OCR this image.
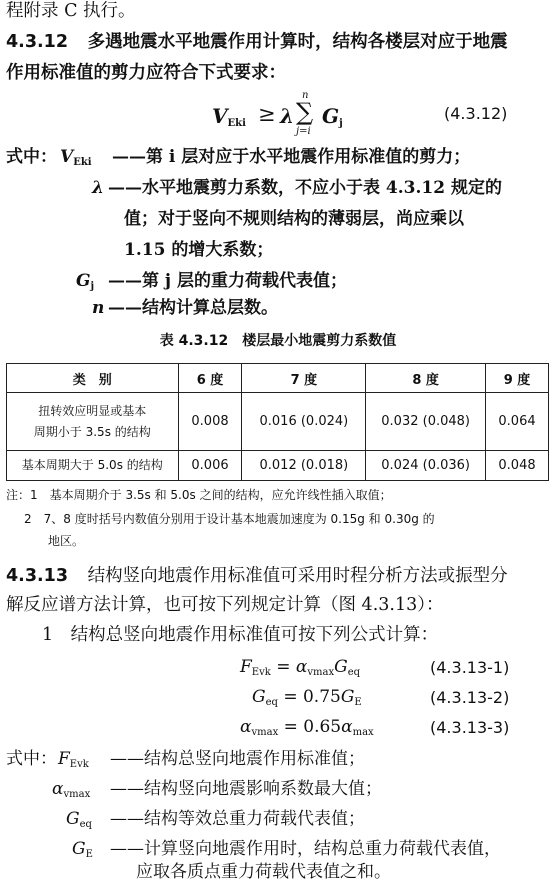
程附录 C 执行。
4.3.12 多遇地震水平地震作用计算时，结构各楼层对应于地震
作用标准值的剪力应符合下式要求：
$V_{Eki} \ge \lambda$
n
∑
j=i
$G_j$
(4.3.12)
式中： $V_{Eki}$ ——第 i 层对应于水平地震作用标准值的剪力；
λ ——水平地震剪力系数，不应小于表 4.3.12 规定的
值；对于竖向不规则结构的薄弱层，尚应乘以
1.15 的增大系数；
$G_j$ ——第 j 层的重力荷载代表值；
n ——结构计算总层数。
表 4.3.12　楼层最小地震剪力系数值
类　别	6 度	7 度	8 度	9 度

扭转效应明显或基本
周期小于 3.5s 的结构	0.008	0.016 (0.024)	0.032 (0.048)	0.064
基本周期大于 5.0s 的结构	0.006	0.012 (0.018)	0.024 (0.036)	0.048
注：1　基本周期介于 3.5s 和 5.0s 之间的结构，应允许线性插入取值；
2　7、8 度时括号内数值分别用于设计基本地震加速度为 0.15g 和 0.30g 的
地区。
4.3.13 结构竖向地震作用标准值可采用时程分析方法或振型分
解反应谱方法计算，也可按下列规定计算（图 4.3.13）：
1　结构总竖向地震作用标准值可按下列公式计算：
$F_{Evk} = \alpha_{vmax}G_{eq}$	(4.3.13-1)
$G_{eq} = 0.75G_E$	(4.3.13-2)
$\alpha_{vmax} = 0.65\alpha_{max}$	(4.3.13-3)
式中： $F_{Evk}$ ——结构总竖向地震作用标准值；
$\alpha_{vmax}$ ——结构竖向地震影响系数最大值；
$G_{eq}$ ——结构等效总重力荷载代表值；
$G_E$ ——计算竖向地震作用时，结构总重力荷载代表值，
应取各质点重力荷载代表值之和。
